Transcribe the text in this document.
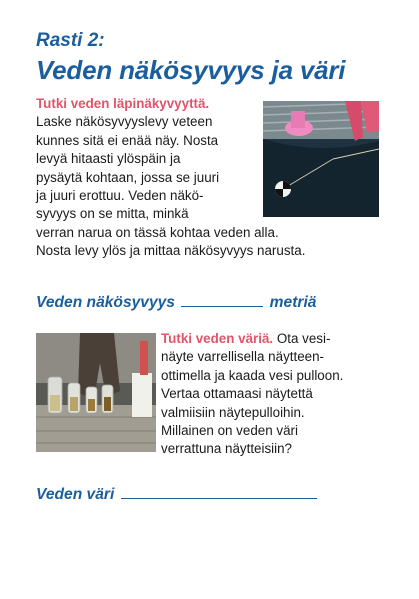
Rasti 2:
Veden näkösyvyys ja väri
Tutki veden läpinäkyvyyttä.
Laske näkösyvyyslevy veteen
kunnes sitä ei enää näy. Nosta
levyä hitaasti ylöspäin ja
pysäytä kohtaan, jossa se juuri
ja juuri erottuu. Veden näkö-
syvyys on se mitta, minkä
verran narua on tässä kohtaa veden alla.
Nosta levy ylös ja mittaa näkösyvyys narusta.
Veden näkösyvyys	metriä
Tutki veden väriä. Ota vesi-
näyte varrellisella näytteen-
ottimella ja kaada vesi pulloon.
Vertaa ottamaasi näytettä
valmiisiin näytepulloihin.
Millainen on veden väri
verrattuna näytteisiin?
Veden väri
